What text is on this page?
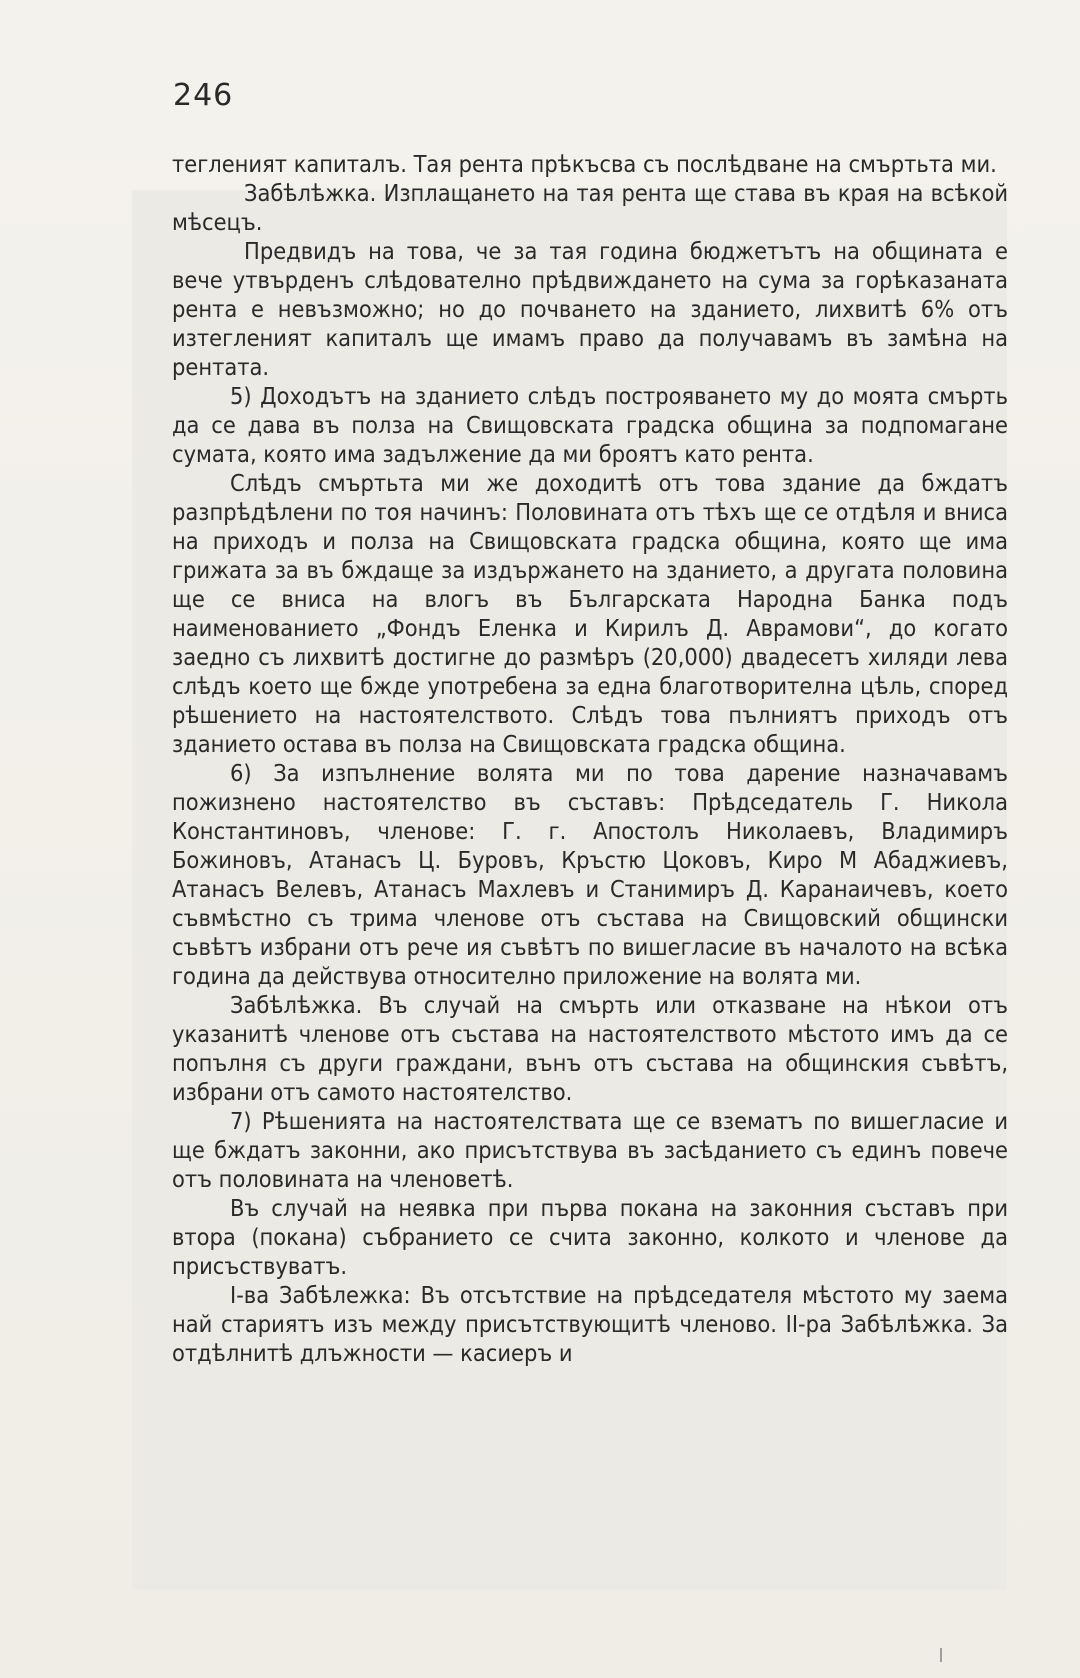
246

тегленият капиталъ. Тая рента прѣкъсва съ послѣдване на смъртьта ми.

Забѣлѣжка. Изплащането на тая рента ще става въ края на всѣкой мѣсецъ.

Предвидъ на това, че за тая година бюджетътъ на общината е вече утвърденъ слѣдователно прѣдвиждането на сума за горѣказаната рента е невъзможно; но до почването на зданието, лихвитѣ 6% отъ изтегленият капиталъ ще имамъ право да получавамъ въ замѣна на рентата.

5) Доходътъ на зданието слѣдъ построяването му до моята смърть да се дава въ полза на Свищовската градска община за подпомагане сумата, която има задължение да ми броятъ като рента.

Слѣдъ смъртьта ми же доходитѣ отъ това здание да бждатъ разпрѣдѣлени по тоя начинъ: Половината отъ тѣхъ ще се отдѣля и вниса на приходъ и полза на Свищовската градска община, която ще има грижата за въ бждаще за издържането на зданието, а другата половина ще се вниса на влогъ въ Българската Народна Банка подъ наименованието „Фондъ Еленка и Кирилъ Д. Аврамови“, до когато заедно съ лихвитѣ достигне до размѣръ (20,000) двадесетъ хиляди лева слѣдъ което ще бжде употребена за една благотворителна цѣль, според рѣшението на настоятелството. Слѣдъ това пълниятъ приходъ отъ зданието остава въ полза на Свищовската градска община.

6) За изпълнение волята ми по това дарение назначавамъ пожизнено настоятелство въ съставъ: Прѣдседатель Г. Никола Константиновъ, членове: Г. г. Апостолъ Николаевъ, Владимиръ Божиновъ, Атанасъ Ц. Буровъ, Кръстю Цоковъ, Киро М Абаджиевъ, Атанасъ Велевъ, Атанасъ Махлевъ и Станимиръ Д. Каранаичевъ, което съвмѣстно съ трима членове отъ състава на Свищовский общински съвѣтъ избрани отъ рече ия съвѣтъ по вишегласие въ началото на всѣка година да действува относително приложение на волята ми.

Забѣлѣжка. Въ случай на смърть или отказване на нѣкои отъ указанитѣ членове отъ състава на настоятелството мѣстото имъ да се попълня съ други граждани, вънъ отъ състава на общинския съвѣтъ, избрани отъ самото настоятелство.

7) Рѣшенията на настоятелствата ще се взематъ по вишегласие и ще бждатъ законни, ако присътствува въ засѣданието съ единъ повече отъ половината на членоветѣ.

Въ случай на неявка при първа покана на законния съставъ при втора (покана) събранието се счита законно, колкото и членове да присъствуватъ.

I-ва Забѣлежка: Въ отсътствие на прѣдседателя мѣстото му заема най стариятъ изъ между присътствующитѣ членово. II-ра Забѣлѣжка. За отдѣлнитѣ длъжности — касиеръ и
